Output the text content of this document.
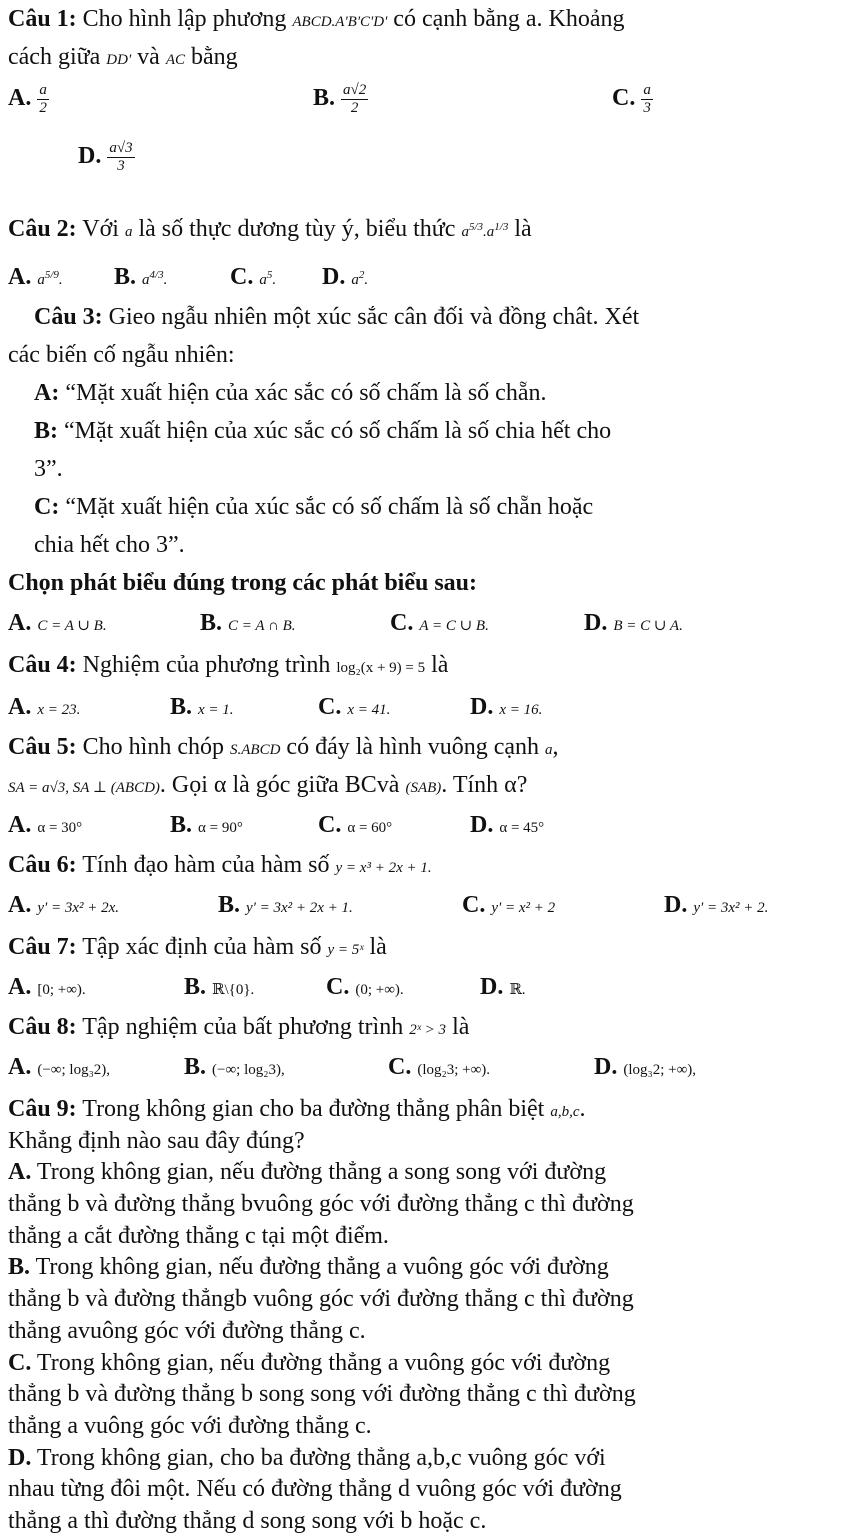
Câu 1: Cho hình lập phương ABCD.A'B'C'D' có cạnh bằng a. Khoảng
cách giữa DD' và AC bằng
A. $\frac{a}{2}$	B. $\frac{a√2}{2}$	C. $\frac{a}{3}$
D. $\frac{a√3}{3}$
Câu 2: Với a là số thực dương tùy ý, biểu thức $a^{5/3}.a^{1/3}$ là
A. $a^{5/9}$. B. $a^{4/3}$.	C. $a^5$. D. $a^2$.
Câu 3: Gieo ngẫu nhiên một xúc sắc cân đối và đồng chât. Xét
các biến cố ngẫu nhiên:
A: “Mặt xuất hiện của xác sắc có số chấm là số chẵn.
B: “Mặt xuất hiện của xúc sắc có số chấm là số chia hết cho
3”.
C: “Mặt xuất hiện của xúc sắc có số chấm là số chẵn hoặc
chia hết cho 3”.
Chọn phát biểu đúng trong các phát biểu sau:
A. C = A ∪ B.	B. C = A ∩ B.	C. A = C ∪ B.	D. B = C ∪ A.
Câu 4: Nghiệm của phương trình log₂(x + 9) = 5 là
A. x = 23.	B. x = 1.	C. x = 41.	D. x = 16.
Câu 5: Cho hình chóp S.ABCD có đáy là hình vuông cạnh a,
SA = a√3, SA ⊥ (ABCD). Gọi α là góc giữa BCvà (SAB). Tính α?
A. α = 30°	B. α = 90°	C. α = 60°	D. α = 45°
Câu 6: Tính đạo hàm của hàm số y = x³ + 2x + 1.
A. y' = 3x² + 2x.	B. y' = 3x² + 2x + 1.	C. y' = x² + 2	D. y' = 3x² + 2.
Câu 7: Tập xác định của hàm số y = 5ˣ là
A. [0; +∞).	B. ℝ\{0}.	C. (0; +∞).	D. ℝ.
Câu 8: Tập nghiệm của bất phương trình 2ˣ > 3 là
A. (−∞; log₃2),	B. (−∞; log₂3),	C. (log₂3; +∞).	D. (log₃2; +∞),
Câu 9: Trong không gian cho ba đường thẳng phân biệt a,b,c.
Khẳng định nào sau đây đúng?
A. Trong không gian, nếu đường thẳng a song song với đường
thẳng b và đường thẳng bvuông góc với đường thẳng c thì đường
thẳng a cắt đường thẳng c tại một điểm.
B. Trong không gian, nếu đường thẳng a vuông góc với đường
thẳng b và đường thẳngb vuông góc với đường thẳng c thì đường
thẳng avuông góc với đường thẳng c.
C. Trong không gian, nếu đường thẳng a vuông góc với đường
thẳng b và đường thẳng b song song với đường thẳng c thì đường
thẳng a vuông góc với đường thẳng c.
D. Trong không gian, cho ba đường thẳng a,b,c vuông góc với
nhau từng đôi một. Nếu có đường thẳng d vuông góc với đường
thẳng a thì đường thẳng d song song với b hoặc c.
